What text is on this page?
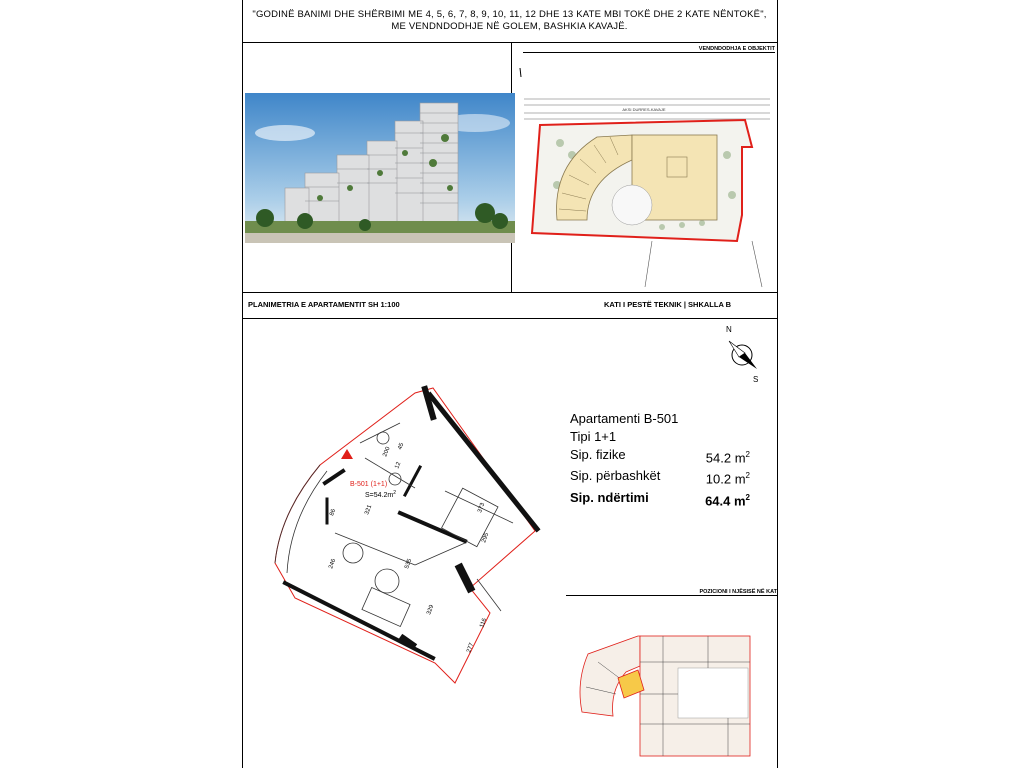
"GODINË BANIMI DHE SHËRBIMI ME 4, 5, 6, 7, 8, 9, 10, 11, 12 DHE 13 KATE MBI TOKË DHE 2 KATE NËNTOKË",
ME VENDNDODHJE NË GOLEM, BASHKIA KAVAJË.
VENDNDODHJA E OBJEKTIT
AKSI DURRES-KAVAJE
PLANIMETRIA E APARTAMENTIT SH 1:100	KATI I PESTË TEKNIK | SHKALLA B
N
S
B-501 (1+1)
$S=54.2m^2$
200 45
12
86	321	373
295
246	535
329
116
277
Apartamenti B-501
Tipi 1+1
Sip. fizike	54.2 $m^2$
Sip. përbashkët	10.2 $m^2$
Sip. ndërtimi	64.4 $m^2$
POZICIONI I NJËSISË NË KAT
